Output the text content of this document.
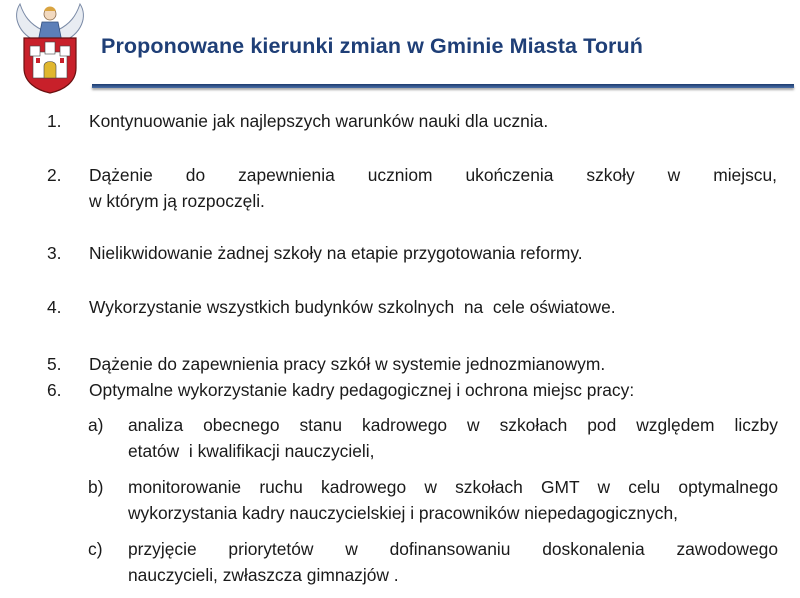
Proponowane kierunki zmian w Gminie Miasta Toruń
1. Kontynuowanie jak najlepszych warunków nauki dla ucznia.
2. Dążenie do zapewnienia uczniom ukończenia szkoły w miejscu,
w którym ją rozpoczęli.
3. Nielikwidowanie żadnej szkoły na etapie przygotowania reformy.
4. Wykorzystanie wszystkich budynków szkolnych  na  cele oświatowe.
5. Dążenie do zapewnienia pracy szkół w systemie jednozmianowym.
6. Optymalne wykorzystanie kadry pedagogicznej i ochrona miejsc pracy:
a) analiza obecnego stanu kadrowego w szkołach pod względem liczby
etatów  i kwalifikacji nauczycieli,
b) monitorowanie ruchu kadrowego w szkołach GMT w celu optymalnego
wykorzystania kadry nauczycielskiej i pracowników niepedagogicznych,
c) przyjęcie priorytetów w dofinansowaniu doskonalenia zawodowego
nauczycieli, zwłaszcza gimnazjów .
